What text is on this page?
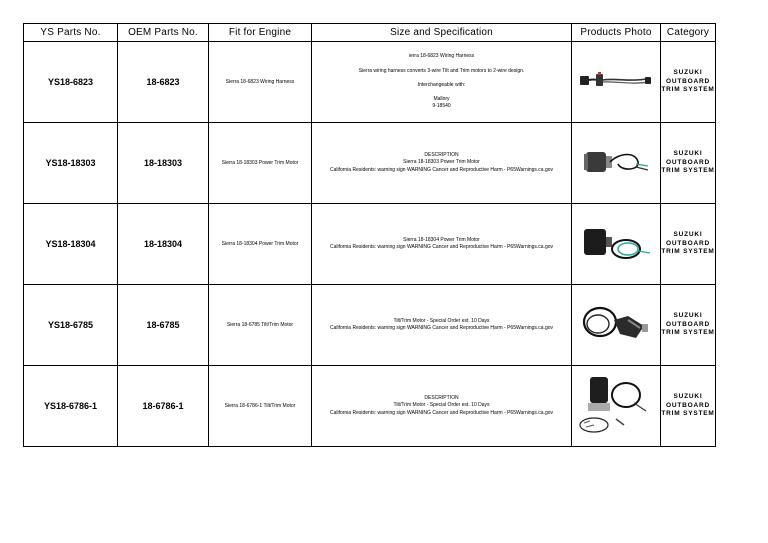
YS Parts No.	OEM Parts No.	Fit for Engine	Size and Specification	Products Photo	Category
YS18-6823	18-6823	Sierra 18-6823 Wiring Harness	ierra 18-6823 Wiring Harness
Sierra wiring harness converts 3-wire Tilt and Trim motors to 2-wire design.
Interchangeable with:
Mallory
9-18540		SUZUKI
OUTBOARD
TRIM SYSTEM

YS18-18303	18-18303	Sierra 18-18303 Power Trim Motor	DESCRIPTION
Sierra 18-18303 Power Trim Motor
California Residents: warning sign WARNING Cancer and Reproductive Harm - P65Warnings.ca.gov		SUZUKI
OUTBOARD
TRIM SYSTEM

YS18-18304	18-18304	Sierra 18-18304 Power Trim Motor	Sierra 18-18304 Power Trim Motor
California Residents: warning sign WARNING Cancer and Reproductive Harm - P65Warnings.ca.gov		SUZUKI
OUTBOARD
TRIM SYSTEM

YS18-6785	18-6785	Sierra 18-6785 Tilt/Trim Motor	Tilt/Trim Motor - Special Order est. 10 Days
California Residents: warning sign WARNING Cancer and Reproductive Harm - P65Warnings.ca.gov		SUZUKI
OUTBOARD
TRIM SYSTEM

YS18-6786-1	18-6786-1	Sierra 18-6786-1 Tilt/Trim Motor	DESCRIPTION
Tilt/Trim Motor - Special Order est. 10 Days
California Residents: warning sign WARNING Cancer and Reproductive Harm - P65Warnings.ca.gov		SUZUKI
OUTBOARD
TRIM SYSTEM
